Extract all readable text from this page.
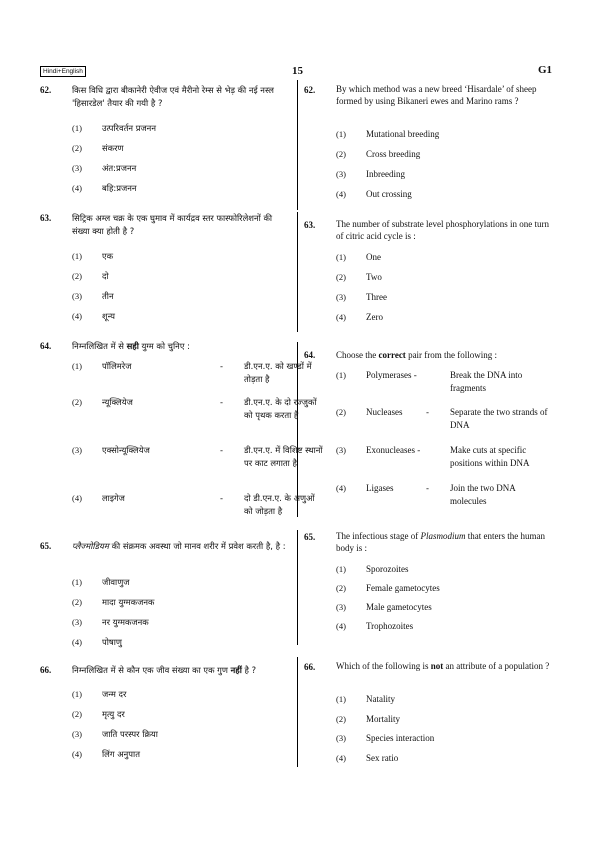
Hindi+English	15	G1
62. किस विधि द्वारा बीकानेरी ऐवीज एवं मैरीनो रेम्स से भेड़ की नई नस्ल 'हिसारडेल' तैयार की गयी है ?
(1) उत्परिवर्तन प्रजनन
(2) संकरण
(3) अंत:प्रजनन
(4) बहि:प्रजनन
63. सिट्रिक अम्ल चक्र के एक घुमाव में कार्यद्रव स्तर फास्फोरिलेशनों की संख्या क्या होती है ?
(1) एक
(2) दो
(3) तीन
(4) शून्य
64. निम्नलिखित में से सही युग्म को चुनिए :
(1) पॉलिमरेज	- डी.एन.ए. को खण्डों में तोड़ता है
(2) न्यूक्लियेज	- डी.एन.ए. के दो रज्जुकों को पृथक करता है
(3) एक्सोन्यूक्लियेज	- डी.एन.ए. में विशिष्ट स्थानों पर काट लगाता है
(4) लाइगेज	- दो डी.एन.ए. के अणुओं को जोड़ता है
65. प्लैज्मोडियम की संक्रमक अवस्था जो मानव शरीर में प्रवेश करती है, है :
(1) जीवाणुज
(2) मादा युग्मकजनक
(3) नर युग्मकजनक
(4) पोषाणु
66. निम्नलिखित में से कौन एक जीव संख्या का एक गुण नहीं है ?
(1) जन्म दर
(2) मृत्यु दर
(3) जाति परस्पर क्रिया
(4) लिंग अनुपात
62. By which method was a new breed ‘Hisardale’ of sheep formed by using Bikaneri ewes and Marino rams ?
(1) Mutational breeding
(2) Cross breeding
(3) Inbreeding
(4) Out crossing
63. The number of substrate level phosphorylations in one turn of citric acid cycle is :
(1) One
(2) Two
(3) Three
(4) Zero
64. Choose the correct pair from the following :
(1) Polymerases -	Break the DNA into fragments
(2) Nucleases	- Separate the two strands of DNA
(3) Exonucleases -	Make cuts at specific positions within DNA
(4) Ligases	- Join the two DNA molecules
65. The infectious stage of Plasmodium that enters the human body is :
(1) Sporozoites
(2) Female gametocytes
(3) Male gametocytes
(4) Trophozoites
66. Which of the following is not an attribute of a population ?
(1) Natality
(2) Mortality
(3) Species interaction
(4) Sex ratio
